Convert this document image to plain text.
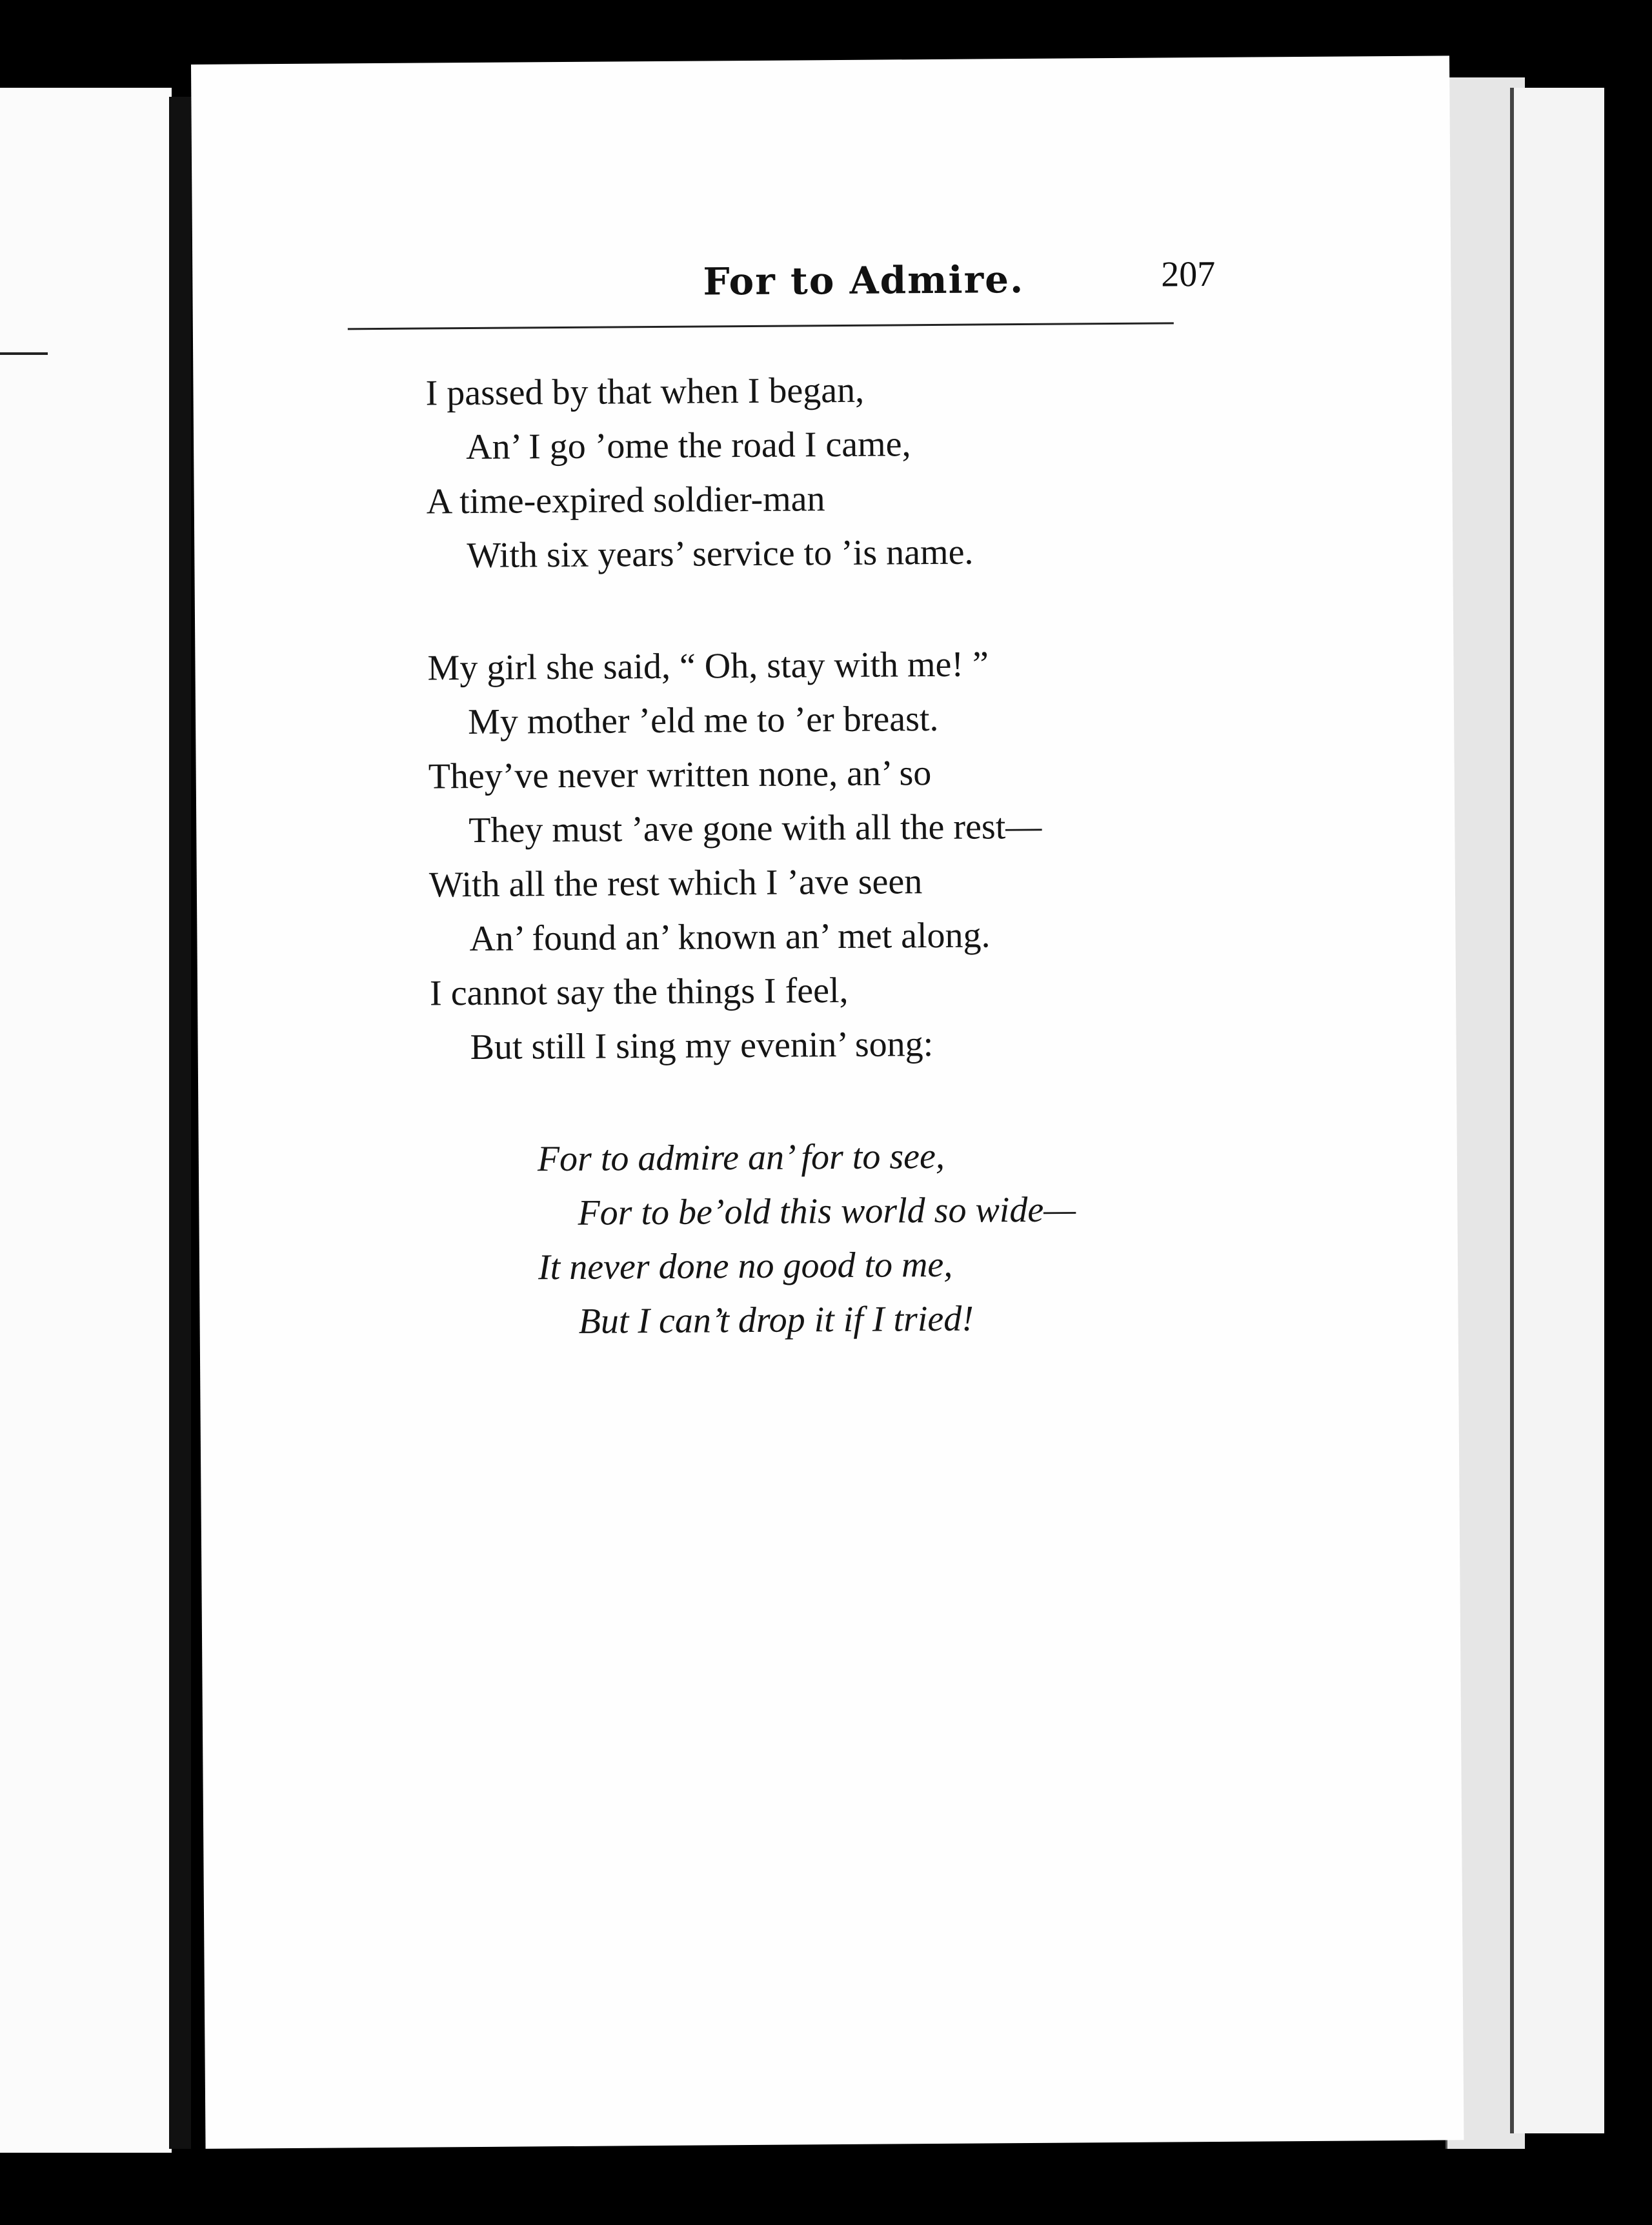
For to Admire.	207
I passed by that when I began,
An’ I go ’ome the road I came,
A time-expired soldier-man
With six years’ service to ’is name.
My girl she said, “ Oh, stay with me! ”
My mother ’eld me to ’er breast.
They’ve never written none, an’ so
They must ’ave gone with all the rest—
With all the rest which I ’ave seen
An’ found an’ known an’ met along.
I cannot say the things I feel,
But still I sing my evenin’ song:
For to admire an’ for to see,
For to be’old this world so wide—
It never done no good to me,
But I can’t drop it if I tried!
